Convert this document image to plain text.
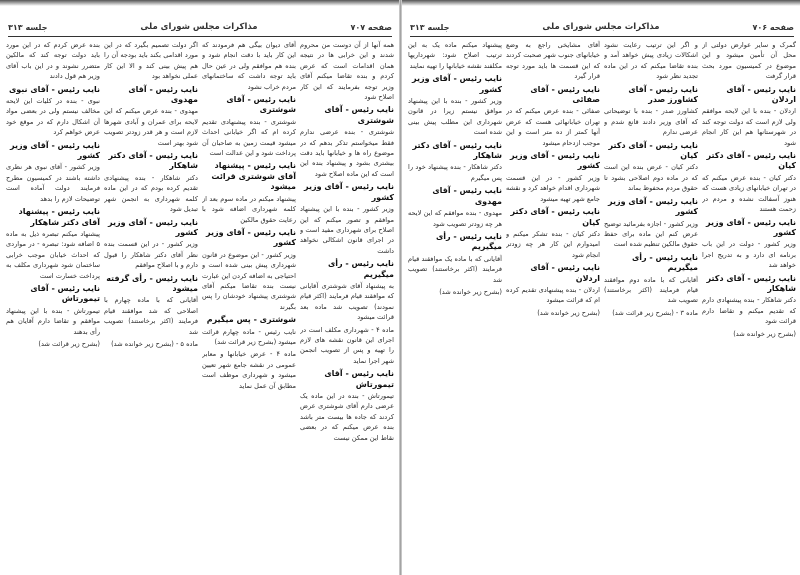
صفحه ۷۰۷
مذاکرات مجلس شورای ملی
جلسه ۳۱۳

همه آنها از آن دوست من محروم شدند و این خرابی ها در نتیجه همان اقدامات است که عرض کردم و بنده تقاضا میکنم آقای وزیر توجه بفرمایند که این کار اصلاح شود

نایب رئیس - آقای شوشتری

شوشتری - بنده عرضی ندارم فقط میخواستم تذکر بدهم که در موضوع راه ها و خیابانها باید دقت بیشتری بشود و پیشنهاد بنده این است که این ماده اصلاح شود

نایب رئیس - آقای وزیر کشور

وزیر کشور - بنده با این پیشنهاد موافقم و تصور میکنم که این اصلاح برای شهرداری مفید است و در اجرای قانون اشکالی نخواهد داشت

نایب رئیس - رأی میگیریم

به پیشنهاد آقای شوشتری آقایانی که موافقند قیام فرمایند (اکثر قیام نمودند) تصویب شد ماده بعد قرائت میشود

ماده ۴ - شهرداری مکلف است در اجرای این قانون نقشه های لازم را تهیه و پس از تصویب انجمن شهر اجرا نماید

نایب رئیس - آقای تیمورتاش

تیمورتاش - بنده در این ماده یک عرضی دارم آقای شوشتری عرض کردند که جاده ها بیست متر باشد بنده عرض میکنم که در بعضی نقاط این ممکن نیست

آقای دیوان بیگی هم فرمودند که این کار باید با دقت انجام شود و بنده هم موافقم ولی در عین حال باید توجه داشت که ساختمانهای مردم خراب نشود

نایب رئیس - آقای شوشتری

شوشتری - بنده پیشنهادی تقدیم کرده ام که اگر خیابانی احداث میشود قیمت زمین به صاحبان آن پرداخت شود و این عدالت است

نایب رئیس - پیشنهاد آقای شوشتری قرائت میشود

پیشنهاد میکنم در ماده سوم بعد از کلمه شهرداری اضافه شود با رعایت حقوق مالکین

نایب رئیس - آقای وزیر کشور

وزیر کشور - این موضوع در قانون شهرداری پیش بینی شده است و احتیاجی به اضافه کردن این عبارت نیست بنده تقاضا میکنم آقای شوشتری پیشنهاد خودشان را پس بگیرند

شوشتری - پس میگیرم

نایب رئیس - ماده چهارم قرائت میشود (بشرح زیر قرائت شد)

ماده ۴ - عرض خیابانها و معابر عمومی در نقشه جامع شهر تعیین میشود و شهرداری موظف است مطابق آن عمل نماید

اگر دولت تصمیم بگیرد که در این مورد اقدامی بکند باید بودجه آن را هم پیش بینی کند و الا این کار عملی نخواهد بود

نایب رئیس - آقای مهدوی

مهدوی - بنده عرض میکنم که این لایحه برای عمران و آبادی شهرها لازم است و هر قدر زودتر تصویب شود بهتر است

نایب رئیس - آقای دکتر شاهکار

دکتر شاهکار - بنده پیشنهادی تقدیم کرده بودم که در این ماده کلمه شهرداری به انجمن شهر تبدیل شود

نایب رئیس - آقای وزیر کشور

وزیر کشور - در این قسمت بنده نظر آقای دکتر شاهکار را قبول دارم و با اصلاح موافقم

نایب رئیس - رأی گرفته میشود

آقایانی که با ماده چهارم با اصلاحی که شد موافقند قیام فرمایند (اکثر برخاستند) تصویب شد

ماده ۵ - (بشرح زیر خوانده شد)

بنده عرض کردم که در این مورد باید دولت توجه کند که مالکین متضرر نشوند و در این باب آقای وزیر هم قول دادند

نایب رئیس - آقای نبوی

نبوی - بنده در کلیات این لایحه مخالف نیستم ولی در بعضی مواد آن اشکال دارم که در موقع خود عرض خواهم کرد

نایب رئیس - آقای وزیر کشور

وزیر کشور - آقای نبوی هر نظری داشته باشند در کمیسیون مطرح فرمایند دولت آماده است توضیحات لازم را بدهد

نایب رئیس - پیشنهاد آقای دکتر شاهکار

پیشنهاد میکنم تبصره ذیل به ماده ۵ اضافه شود: تبصره - در مواردی که احداث خیابان موجب خرابی ساختمان شود شهرداری مکلف به پرداخت خسارت است

نایب رئیس - آقای تیمورتاش

تیمورتاش - بنده با این پیشنهاد موافقم و تقاضا دارم آقایان هم رأی بدهند

(بشرح زیر قرائت شد)

صفحه ۷۰۶
مذاکرات مجلس شورای ملی
جلسه ۳۱۳

گمرک و سایر عوارض دولتی از محل آن تأمین میشود و این موضوع در کمیسیون مورد بحث قرار گرفت

نایب رئیس - آقای اردلان

اردلان - بنده با این لایحه موافقم ولی لازم است که دولت توجه کند در شهرستانها هم این کار انجام شود

نایب رئیس - آقای دکتر کیان

دکتر کیان - بنده عرض میکنم که در تهران خیابانهای زیادی هست که هنوز آسفالت نشده و مردم در زحمت هستند

نایب رئیس - آقای وزیر کشور

وزیر کشور - دولت در این باب برنامه ای دارد و به تدریج اجرا خواهد شد

نایب رئیس - آقای دکتر شاهکار

دکتر شاهکار - بنده پیشنهادی دارم که تقدیم میکنم و تقاضا دارم قرائت شود

(بشرح زیر خوانده شد)

و اگر این ترتیب رعایت نشود اشکالات زیادی پیش خواهد آمد و بنده تقاضا میکنم که در این ماده تجدید نظر شود

نایب رئیس - آقای کشاورز صدر

کشاورز صدر - بنده با توضیحاتی که آقای وزیر دادند قانع شدم و عرضی ندارم

نایب رئیس - آقای دکتر کیان

دکتر کیان - عرض بنده این است که در ماده دوم اصلاحی بشود تا حقوق مردم محفوظ بماند

نایب رئیس - آقای وزیر کشور

وزیر کشور - اجازه بفرمائید توضیح عرض کنم این ماده برای حفظ حقوق مالکین تنظیم شده است

نایب رئیس - رأی میگیریم

آقایانی که با ماده دوم موافقند قیام فرمایند (اکثر برخاستند) تصویب شد

ماده ۳ - (بشرح زیر قرائت شد)

آقای مشایخی راجع به وضع خیابانهای جنوب شهر صحبت کردند که این قسمت ها باید مورد توجه قرار گیرد

نایب رئیس - آقای صفائی

صفائی - بنده عرض میکنم که در تهران خیابانهائی هست که عرض آنها کمتر از ده متر است و این موجب ازدحام میشود

نایب رئیس - آقای وزیر کشور

وزیر کشور - در این قسمت شهرداری اقدام خواهد کرد و نقشه جامع شهر تهیه میشود

نایب رئیس - آقای دکتر کیان

دکتر کیان - بنده تشکر میکنم و امیدوارم این کار هر چه زودتر انجام شود

نایب رئیس - آقای اردلان

اردلان - بنده پیشنهادی تقدیم کرده ام که قرائت میشود

(بشرح زیر خوانده شد)

پیشنهاد میکنم ماده یک به این ترتیب اصلاح شود: شهرداریها مکلفند نقشه خیابانها را تهیه نمایند

نایب رئیس - آقای وزیر کشور

وزیر کشور - بنده با این پیشنهاد موافق نیستم زیرا در قانون شهرداری این مطلب پیش بینی شده است

نایب رئیس - آقای دکتر شاهکار

دکتر شاهکار - بنده پیشنهاد خود را پس میگیرم

نایب رئیس - آقای مهدوی

مهدوی - بنده موافقم که این لایحه هر چه زودتر تصویب شود

نایب رئیس - رأی میگیریم

آقایانی که با ماده یک موافقند قیام فرمایند (اکثر برخاستند) تصویب شد

(بشرح زیر خوانده شد)
